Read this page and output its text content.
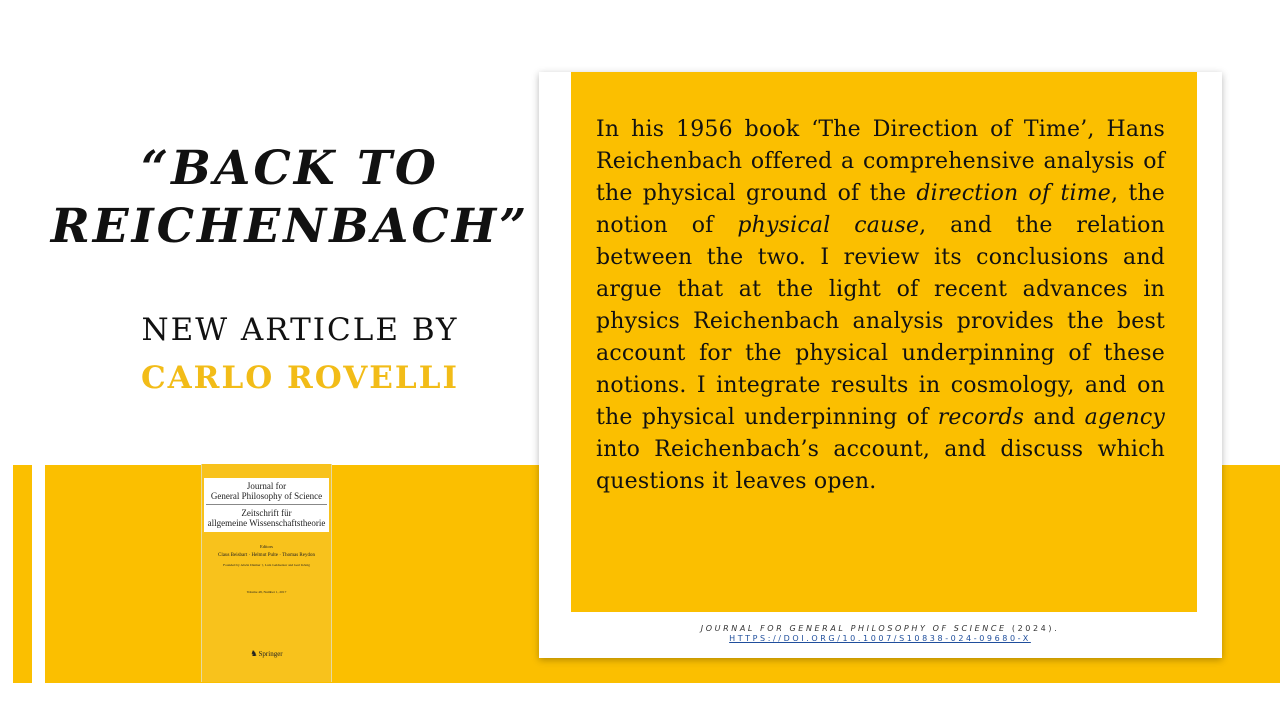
“BACK TO REICHENBACH”

NEW ARTICLE BY

CARLO ROVELLI

Journal for
General Philosophy of Science
Zeitschrift für
allgemeine Wissenschaftstheorie
Editors
Claus Beisbart · Helmut Pulte · Thomas Reydon
Founded by Alwin Diemer †, Lutz Geldsetzer and Gert König
Volume 48, Number 1, 2017
♞Springer

In his 1956 book ‘The Direction of Time’, Hans Reichenbach offered a comprehensive analysis of the physical ground of the direction of time, the notion of physical cause, and the relation between the two. I review its conclusions and argue that at the light of recent advances in physics Reichenbach analysis provides the best account for the physical underpinning of these notions. I integrate results in cosmology, and on the physical underpinning of records and agency into Reichenbach’s account, and discuss which questions it leaves open.

JOURNAL FOR GENERAL PHILOSOPHY OF SCIENCE (2024).
HTTPS://DOI.ORG/10.1007/S10838-024-09680-X
